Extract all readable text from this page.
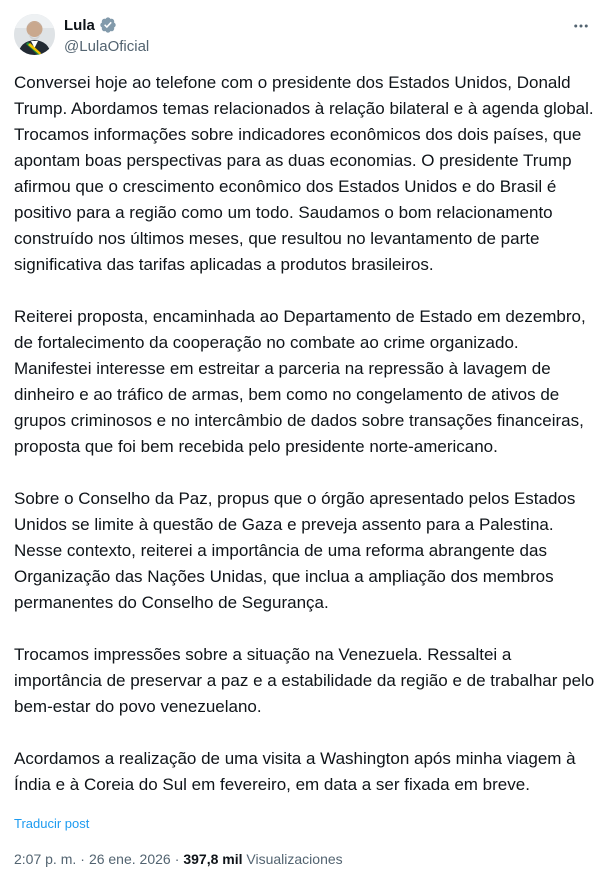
Lula
@LulaOficial

Conversei hoje ao telefone com o presidente dos Estados Unidos, Donald Trump. Abordamos temas relacionados à relação bilateral e à agenda global. Trocamos informações sobre indicadores econômicos dos dois países, que apontam boas perspectivas para as duas economias. O presidente Trump afirmou que o crescimento econômico dos Estados Unidos e do Brasil é positivo para a região como um todo. Saudamos o bom relacionamento construído nos últimos meses, que resultou no levantamento de parte significativa das tarifas aplicadas a produtos brasileiros.

Reiterei proposta, encaminhada ao Departamento de Estado em dezembro, de fortalecimento da cooperação no combate ao crime organizado. Manifestei interesse em estreitar a parceria na repressão à lavagem de dinheiro e ao tráfico de armas, bem como no congelamento de ativos de grupos criminosos e no intercâmbio de dados sobre transações financeiras, proposta que foi bem recebida pelo presidente norte-americano.

Sobre o Conselho da Paz, propus que o órgão apresentado pelos Estados Unidos se limite à questão de Gaza e preveja assento para a Palestina. Nesse contexto, reiterei a importância de uma reforma abrangente das Organização das Nações Unidas, que inclua a ampliação dos membros permanentes do Conselho de Segurança.

Trocamos impressões sobre a situação na Venezuela. Ressaltei a importância de preservar a paz e a estabilidade da região e de trabalhar pelo bem-estar do povo venezuelano.

Acordamos a realização de uma visita a Washington após minha viagem à Índia e à Coreia do Sul em fevereiro, em data a ser fixada em breve.

Traducir post
2:07 p. m. · 26 ene. 2026 · 397,8 mil Visualizaciones
